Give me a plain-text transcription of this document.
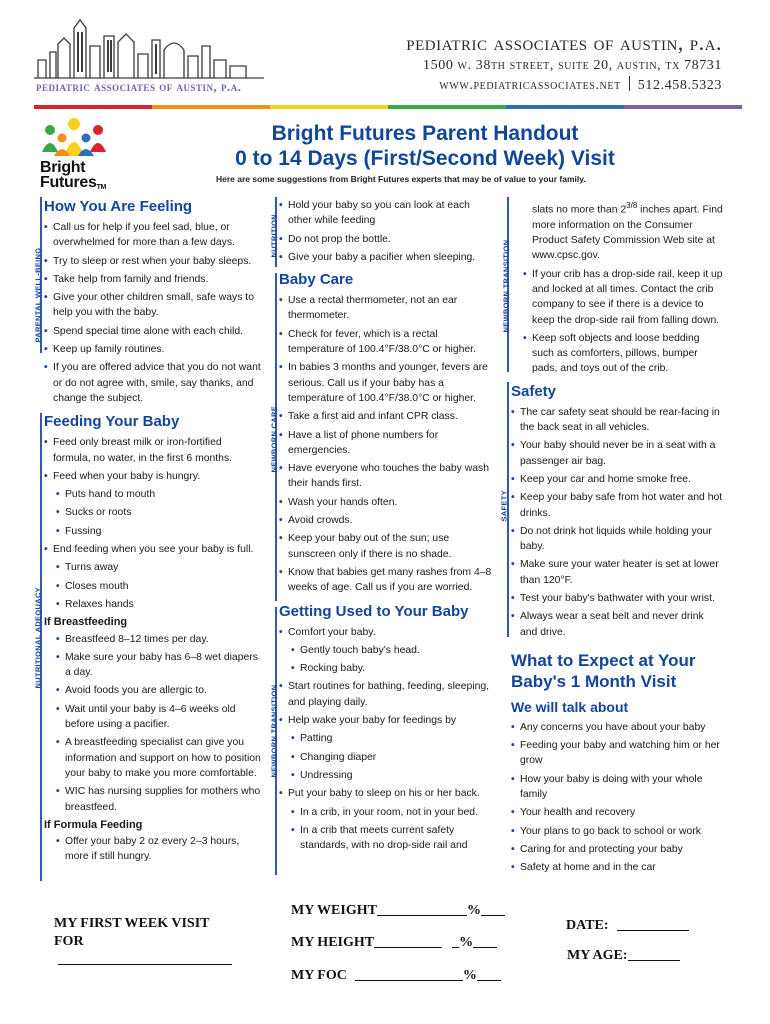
pediatric associates of austin, p.a.
pediatric associates of austin, p.a.
1500 w. 38th street, suite 20, austin, tx 78731
www.pediatricassociates.net 512.458.5323
Bright
FuturesTM
Bright Futures Parent Handout
0 to 14 Days (First/Second Week) Visit
Here are some suggestions from Bright Futures experts that may be of value to your family.
PARENTAL WELL-BEING
NUTRITIONAL ADEQUACY
NUTRITION
NEWBORN CARE
NEWBORN TRANSITION
NEWBORN TRANSITION
SAFETY
How You Are Feeling
• Call us for help if you feel sad, blue, or overwhelmed for more than a few days.
• Try to sleep or rest when your baby sleeps.
• Take help from family and friends.
• Give your other children small, safe ways to help you with the baby.
• Spend special time alone with each child.
• Keep up family routines.
• If you are offered advice that you do not want or do not agree with, smile, say thanks, and change the subject.
Feeding Your Baby
• Feed only breast milk or iron-fortified formula, no water, in the first 6 months.
• Feed when your baby is hungry.
• Puts hand to mouth
• Sucks or roots
• Fussing
• End feeding when you see your baby is full.
• Turns away
• Closes mouth
• Relaxes hands
If Breastfeeding
• Breastfeed 8–12 times per day.
• Make sure your baby has 6–8 wet diapers a day.
• Avoid foods you are allergic to.
• Wait until your baby is 4–6 weeks old before using a pacifier.
• A breastfeeding specialist can give you information and support on how to position your baby to make you more comfortable.
• WIC has nursing supplies for mothers who breastfeed.
If Formula Feeding
• Offer your baby 2 oz every 2–3 hours, more if still hungry.
• Hold your baby so you can look at each other while feeding
• Do not prop the bottle.
• Give your baby a pacifier when sleeping.
Baby Care
• Use a rectal thermometer, not an ear thermometer.
• Check for fever, which is a rectal temperature of 100.4°F/38.0°C or higher.
• In babies 3 months and younger, fevers are serious. Call us if your baby has a temperature of 100.4°F/38.0°C or higher.
• Take a first aid and infant CPR class.
• Have a list of phone numbers for emergencies.
• Have everyone who touches the baby wash their hands first.
• Wash your hands often.
• Avoid crowds.
• Keep your baby out of the sun; use sunscreen only if there is no shade.
• Know that babies get many rashes from 4–8 weeks of age. Call us if you are worried.
Getting Used to Your Baby
• Comfort your baby.
• Gently touch baby's head.
• Rocking baby.
• Start routines for bathing, feeding, sleeping, and playing daily.
• Help wake your baby for feedings by
• Patting
• Changing diaper
• Undressing
• Put your baby to sleep on his or her back.
• In a crib, in your room, not in your bed.
• In a crib that meets current safety standards, with no drop-side rail and
slats no more than $2^{3/8}$ inches apart. Find more information on the Consumer Product Safety Commission Web site at www.cpsc.gov.
• If your crib has a drop-side rail, keep it up and locked at all times. Contact the crib company to see if there is a device to keep the drop-side rail from falling down.
• Keep soft objects and loose bedding such as comforters, pillows, bumper pads, and toys out of the crib.
Safety
• The car safety seat should be rear-facing in the back seat in all vehicles.
• Your baby should never be in a seat with a passenger air bag.
• Keep your car and home smoke free.
• Keep your baby safe from hot water and hot drinks.
• Do not drink hot liquids while holding your baby.
• Make sure your water heater is set at lower than 120°F.
• Test your baby's bathwater with your wrist.
• Always wear a seat belt and never drink and drive.
What to Expect at Your
Baby's 1 Month Visit
We will talk about
• Any concerns you have about your baby
• Feeding your baby and watching him or her grow
• How your baby is doing with your whole family
• Your health and recovery
• Your plans to go back to school or work
• Caring for and protecting your baby
• Safety at home and in the car
MY FIRST WEEK VISIT
FOR
MY WEIGHT	%
MY HEIGHT	_%
MY FOC	%
DATE:
MY AGE:
